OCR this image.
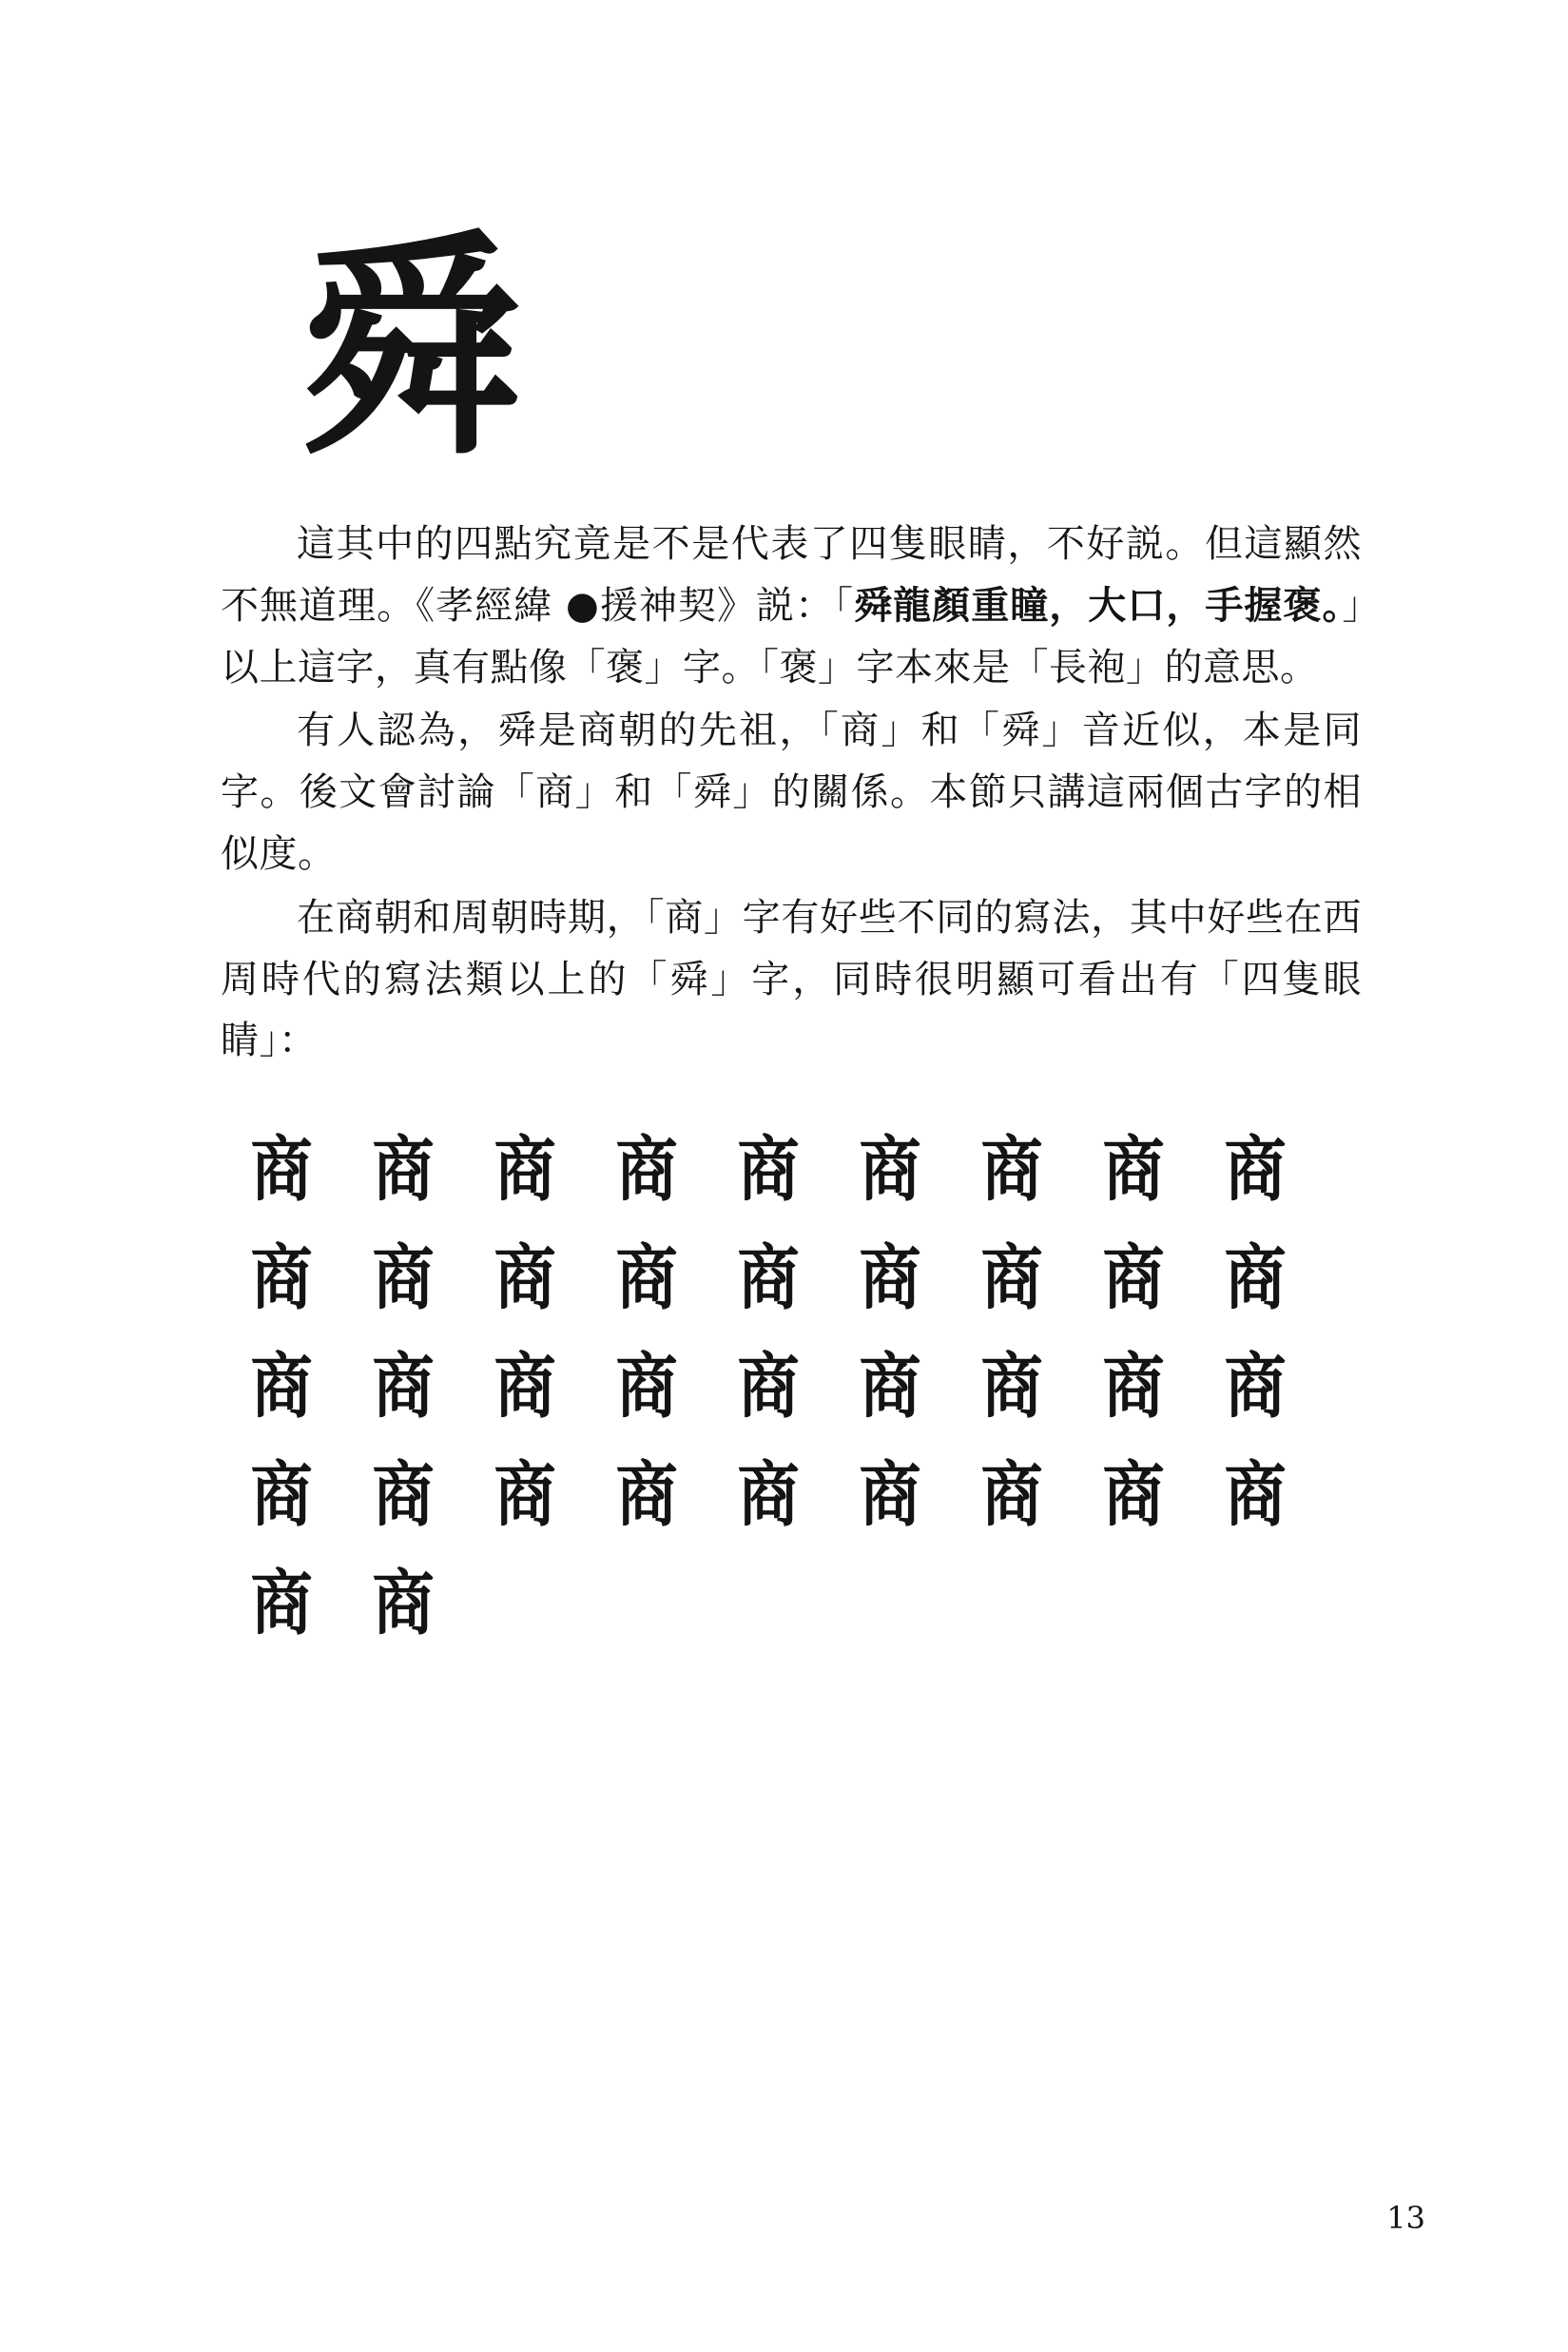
舜

這其中的四點究竟是不是代表了四隻眼睛，不好説。但這顯然不無道理。《孝經緯 ●援神契》説：「舜龍顏重瞳，大口，手握褒。」以上這字，真有點像「褒」字。「褒」字本來是「長袍」的意思。

有人認為，舜是商朝的先祖，「商」和「舜」音近似，本是同字。後文會討論「商」和「舜」的關係。本節只講這兩個古字的相似度。

在商朝和周朝時期，「商」字有好些不同的寫法，其中好些在西周時代的寫法類以上的「舜」字，同時很明顯可看出有「四隻眼睛」：

商 商 商 商 商 商 商 商 商
商 商 商 商 商 商 商 商 商
商 商 商 商 商 商 商 商 商
商 商 商 商 商 商 商 商 商
商 商
13
